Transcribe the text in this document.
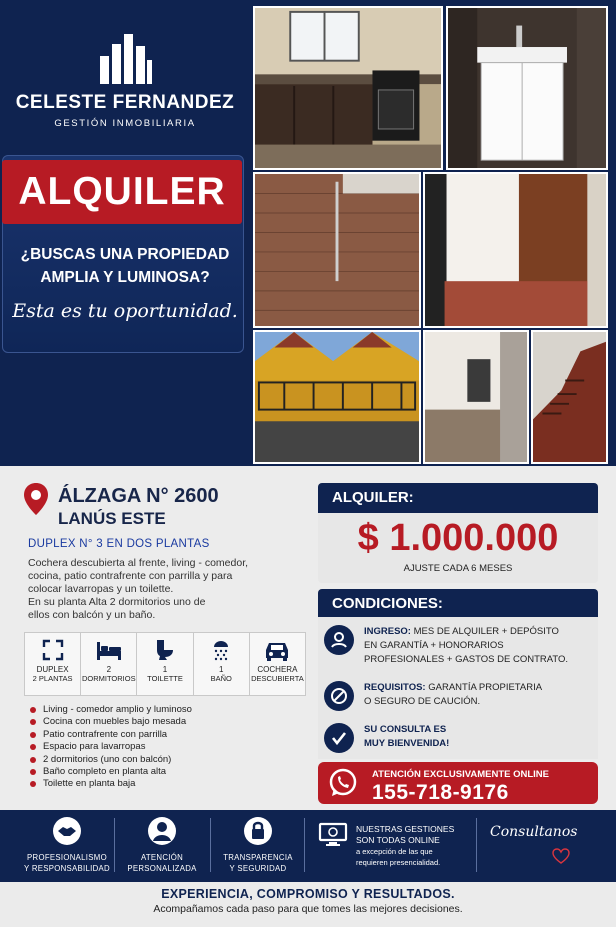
CELESTE FERNANDEZ
GESTIÓN INMOBILIARIA
ALQUILER
¿BUSCAS UNA PROPIEDAD
AMPLIA Y LUMINOSA?
Esta es tu oportunidad.
ÁLZAGA N° 2600
LANÚS ESTE
DUPLEX N° 3 EN DOS PLANTAS
Cochera descubierta al frente, living - comedor,
cocina, patio contrafrente con parrilla y para
colocar lavarropas y un toilette.
En su planta Alta 2 dormitorios uno de
ellos con balcón y un baño.
DUPLEX
2 PLANTAS
2
DORMITORIOS
1
TOILETTE
1
BAÑO
COCHERA
DESCUBIERTA
Living - comedor amplio y luminoso
Cocina con muebles bajo mesada
Patio contrafrente con parrilla
Espacio para lavarropas
2 dormitorios (uno con balcón)
Baño completo en planta alta
Toilette en planta baja
ALQUILER:
$ 1.000.000
AJUSTE CADA 6 MESES
CONDICIONES:
INGRESO: MES DE ALQUILER + DEPÓSITO
EN GARANTÍA + HONORARIOS
PROFESIONALES + GASTOS DE CONTRATO.
REQUISITOS: GARANTÍA PROPIETARIA
O SEGURO DE CAUCIÓN.
SU CONSULTA ES
MUY BIENVENIDA!
ATENCIÓN EXCLUSIVAMENTE ONLINE
155-718-9176
PROFESIONALISMO
Y RESPONSABILIDAD
ATENCIÓN
PERSONALIZADA
TRANSPARENCIA
Y SEGURIDAD
NUESTRAS GESTIONES
SON TODAS ONLINE
a excepción de las que
requieren presencialidad.
Consultanos
EXPERIENCIA, COMPROMISO Y RESULTADOS.
Acompañamos cada paso para que tomes las mejores decisiones.
